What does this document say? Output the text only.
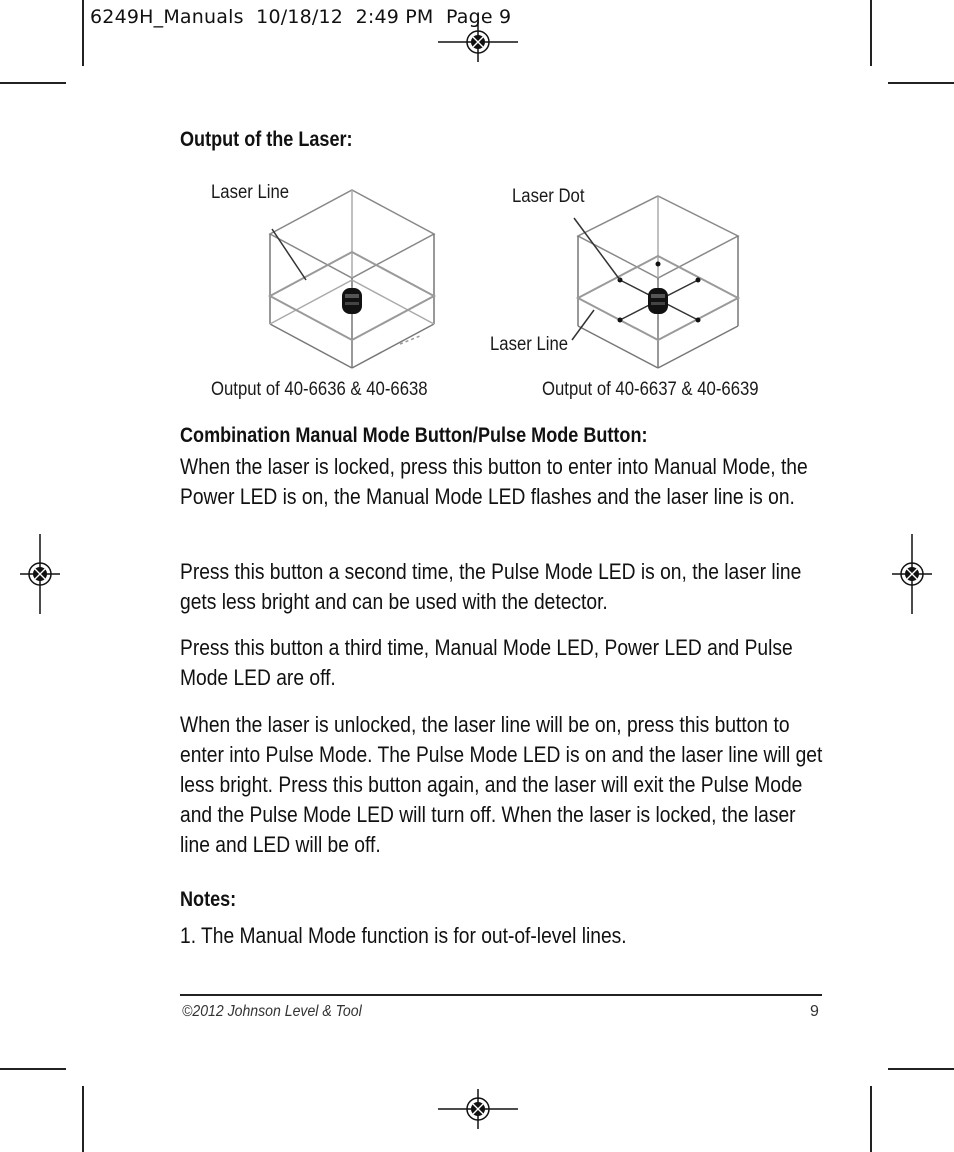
6249H_Manuals  10/18/12  2:49 PM  Page 9
Output of the Laser:
Laser Line	Laser Dot
Laser Line
Output of 40-6636 & 40-6638	Output of 40-6637 & 40-6639
Combination Manual Mode Button/Pulse Mode Button:

When the laser is locked, press this button to enter into Manual Mode, the Power LED is on, the Manual Mode LED flashes and the laser line is on.

Press this button a second time, the Pulse Mode LED is on, the laser line gets less bright and can be used with the detector.

Press this button a third time, Manual Mode LED, Power LED and Pulse Mode LED are off.

When the laser is unlocked, the laser line will be on, press this button to enter into Pulse Mode. The Pulse Mode LED is on and the laser line will get less bright. Press this button again, and the laser will exit the Pulse Mode and the Pulse Mode LED will turn off. When the laser is locked, the laser line and LED will be off.

Notes:

1. The Manual Mode function is for out-of-level lines.

©2012 Johnson Level & Tool	9
